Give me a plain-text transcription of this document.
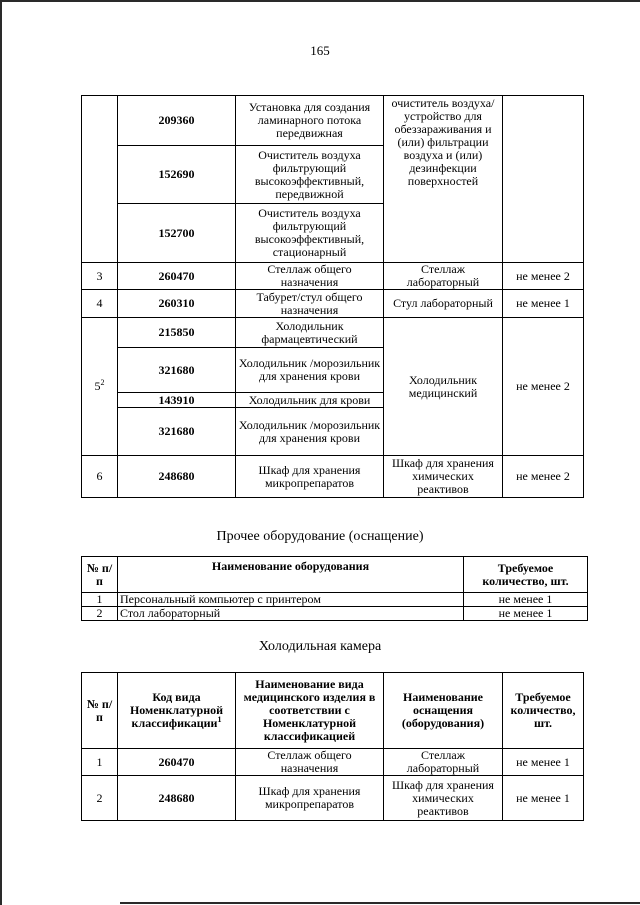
165
	209360	Установка для создания ламинарного потока передвижная	очиститель воздуха/ устройство для обеззараживания и (или) фильтрации воздуха и (или) дезинфекции поверхностей	
	152690	Очиститель воздуха фильтрующий высокоэффективный, передвижной		
	152700	Очиститель воздуха фильтрующий высокоэффективный, стационарный		
3	260470	Стеллаж общего назначения	Стеллаж лабораторный	не менее 2
4	260310	Табурет/стул общего назначения	Стул лабораторный	не менее 1
$5^2$	215850	Холодильник фармацевтический	Холодильник медицинский	не менее 2
	321680	Холодильник /морозильник для хранения крови		
	143910	Холодильник для крови		
	321680	Холодильник /морозильник для хранения крови		
6	248680	Шкаф для хранения микропрепаратов	Шкаф для хранения химических реактивов	не менее 2
Прочее оборудование (оснащение)
№ п/п	Наименование оборудования	Требуемое количество, шт.
1	Персональный компьютер с принтером	не менее 1
2	Стол лабораторный	не менее 1
Холодильная камера
№ п/п	Код вида Номенклатурной классификации$^1$	Наименование вида медицинского изделия в соответствии с Номенклатурной классификацией	Наименование оснащения (оборудования)	Требуемое количество, шт.
1	260470	Стеллаж общего назначения	Стеллаж лабораторный	не менее 1
2	248680	Шкаф для хранения микропрепаратов	Шкаф для хранения химических реактивов	не менее 1
